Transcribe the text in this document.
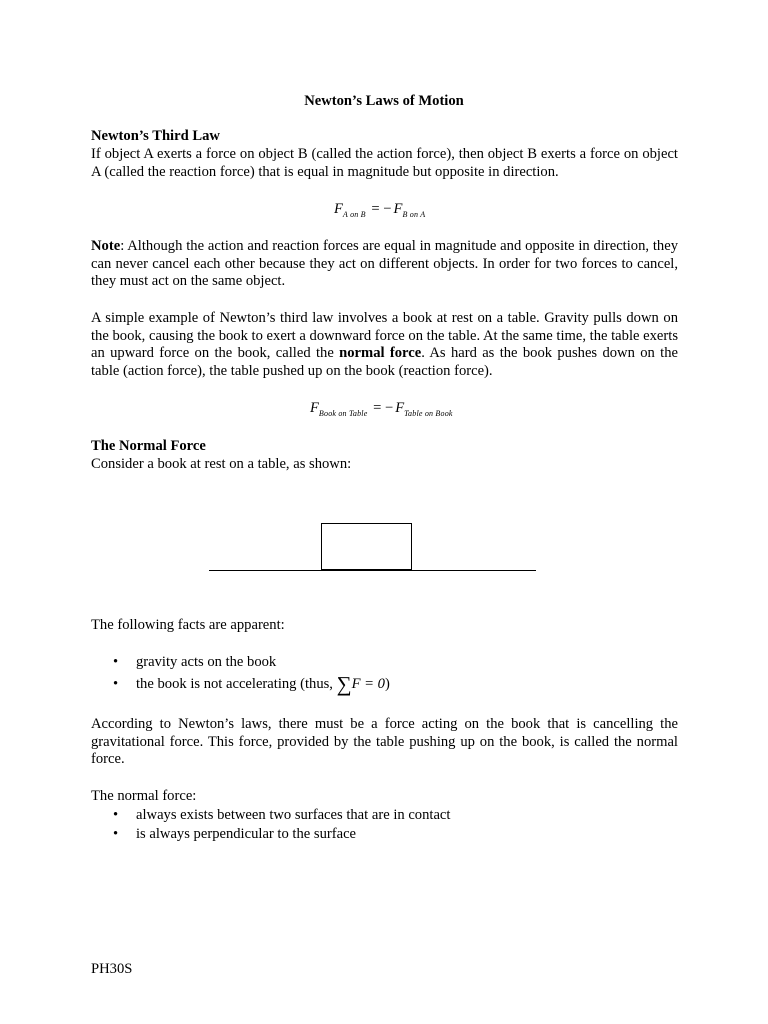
Newton’s Laws of Motion
Newton’s Third Law
If object A exerts a force on object B (called the action force), then object B exerts a force on object A (called the reaction force) that is equal in magnitude but opposite in direction.
$F_{A on B}$ = − $F_{B on A}$
Note: Although the action and reaction forces are equal in magnitude and opposite in direction, they can never cancel each other because they act on different objects. In order for two forces to cancel, they must act on the same object.
A simple example of Newton’s third law involves a book at rest on a table. Gravity pulls down on the book, causing the book to exert a downward force on the table. At the same time, the table exerts an upward force on the book, called the normal force. As hard as the book pushes down on the table (action force), the table pushed up on the book (reaction force).
$F_{Book on Table}$ = − $F_{Table on Book}$
The Normal Force
Consider a book at rest on a table, as shown:
The following facts are apparent:
• gravity acts on the book
• the book is not accelerating (thus, ∑F = 0)
According to Newton’s laws, there must be a force acting on the book that is cancelling the gravitational force. This force, provided by the table pushing up on the book, is called the normal force.
The normal force:
• always exists between two surfaces that are in contact
• is always perpendicular to the surface
PH30S
